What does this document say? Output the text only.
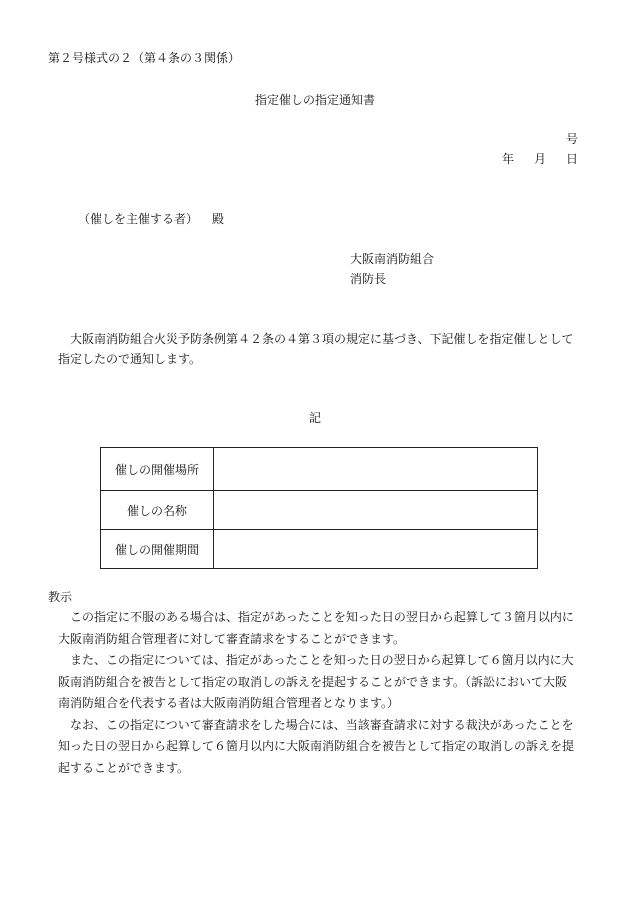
第２号様式の２（第４条の３関係）
指定催しの指定通知書
号
年 月 日
（催しを主催する者） 殿
大阪南消防組合
消防長
大阪南消防組合火災予防条例第４２条の４第３項の規定に基づき、下記催しを指定催しとして
指定したので通知します。
記
催しの開催場所	
催しの名称	
催しの開催期間	
教示

この指定に不服のある場合は、指定があったことを知った日の翌日から起算して３箇月以内に大阪南消防組合管理者に対して審査請求をすることができます。

また、この指定については、指定があったことを知った日の翌日から起算して６箇月以内に大阪南消防組合を被告として指定の取消しの訴えを提起することができます。（訴訟において大阪南消防組合を代表する者は大阪南消防組合管理者となります。）

なお、この指定について審査請求をした場合には、当該審査請求に対する裁決があったことを知った日の翌日から起算して６箇月以内に大阪南消防組合を被告として指定の取消しの訴えを提起することができます。
